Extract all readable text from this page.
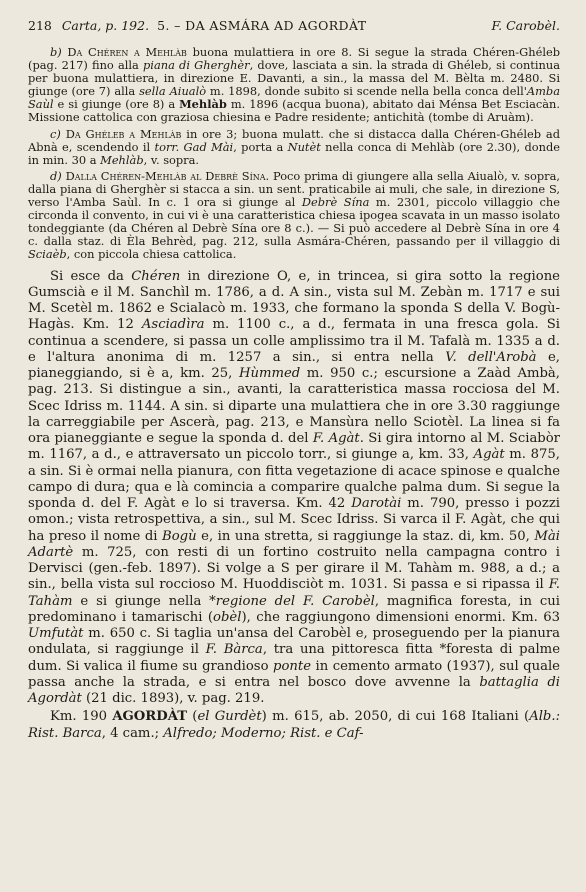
218 Carta, p. 192. 5. – DA ASMÁRA AD AGORDÀT	F. Carobèl.

b) Da Chéren a Mehlàb buona mulattiera in ore 8. Si segue la strada Chéren-Ghéleb (pag. 217) fino alla piana di Gherghèr, dove, lasciata a sin. la strada di Ghéleb, si continua per buona mulattiera, in direzione E. Davanti, a sin., la massa del M. Bèlta m. 2480. Si giunge (ore 7) alla sella Aiualò m. 1898, donde subito si scende nella bella conca dell'Amba Saùl e si giunge (ore 8) a Mehlàb m. 1896 (acqua buona), abitato dai Ménsa Bet Esciacàn. Missione cattolica con graziosa chiesina e Padre residente; antichità (tombe di Aruàm).

c) Da Ghéleb a Mehlàb in ore 3; buona mulatt. che si distacca dalla Chéren-Ghéleb ad Abnà e, scendendo il torr. Gad Mài, porta a Nutèt nella conca di Mehlàb (ore 2.30), donde in min. 30 a Mehlàb, v. sopra.

d) Dalla Chéren-Mehlàb al Debrè Sína. Poco prima di giungere alla sella Aiualò, v. sopra, dalla piana di Gherghèr si stacca a sin. un sent. praticabile ai muli, che sale, in direzione S, verso l'Amba Saùl. In c. 1 ora si giunge al Debrè Sína m. 2301, piccolo villaggio che circonda il convento, in cui vi è una caratteristica chiesa ipogea scavata in un masso isolato tondeggiante (da Chéren al Debrè Sína ore 8 c.). — Si può accedere al Debrè Sína in ore 4 c. dalla staz. di Èla Behrèd, pag. 212, sulla Asmára-Chéren, passando per il villaggio di Sciaèb, con piccola chiesa cattolica.

Si esce da Chéren in direzione O, e, in trincea, si gira sotto la regione Gumscià e il M. Sanchìl m. 1786, a d. A sin., vista sul M. Zebàn m. 1717 e sui M. Scetèl m. 1862 e Scialacò m. 1933, che formano la sponda S della V. Bogù-Hagàs. Km. 12 Asciadìra m. 1100 c., a d., fermata in una fresca gola. Si continua a scendere, si passa un colle amplissimo tra il M. Tafalà m. 1335 a d. e l'altura anonima di m. 1257 a sin., si entra nella V. dell'Arobà e, pianeggiando, si è a, km. 25, Hùmmed m. 950 c.; escursione a Zaàd Ambà, pag. 213. Si distingue a sin., avanti, la caratteristica massa rocciosa del M. Scec Idriss m. 1144. A sin. si diparte una mulattiera che in ore 3.30 raggiunge la carreggiabile per Ascerà, pag. 213, e Mansùra nello Sciotèl. La linea si fa ora pianeggiante e segue la sponda d. del F. Agàt. Si gira intorno al M. Sciabòr m. 1167, a d., e attraversato un piccolo torr., si giunge a, km. 33, Agàt m. 875, a sin. Si è ormai nella pianura, con fitta vegetazione di acace spinose e qualche campo di dura; qua e là comincia a comparire qualche palma dum. Si segue la sponda d. del F. Agàt e lo si traversa. Km. 42 Darotài m. 790, presso i pozzi omon.; vista retrospettiva, a sin., sul M. Scec Idriss. Si varca il F. Agàt, che qui ha preso il nome di Bogù e, in una stretta, si raggiunge la staz. di, km. 50, Mài Adartè m. 725, con resti di un fortino costruito nella campagna contro i Dervisci (gen.-feb. 1897). Si volge a S per girare il M. Tahàm m. 988, a d.; a sin., bella vista sul roccioso M. Huoddisciòt m. 1031. Si passa e si ripassa il F. Tahàm e si giunge nella *regione del F. Carobèl, magnifica foresta, in cui predominano i tamarischi (obèl), che raggiungono dimensioni enormi. Km. 63 Umfutàt m. 650 c. Si taglia un'ansa del Carobèl e, proseguendo per la pianura ondulata, si raggiunge il F. Bàrca, tra una pittoresca fitta *foresta di palme dum. Si valica il fiume su grandioso ponte in cemento armato (1937), sul quale passa anche la strada, e si entra nel bosco dove avvenne la battaglia di Agordàt (21 dic. 1893), v. pag. 219.

Km. 190 AGORDÀT (el Gurdèt) m. 615, ab. 2050, di cui 168 Italiani (Alb.: Rist. Barca, 4 cam.; Alfredo; Moderno; Rist. e Caf-
